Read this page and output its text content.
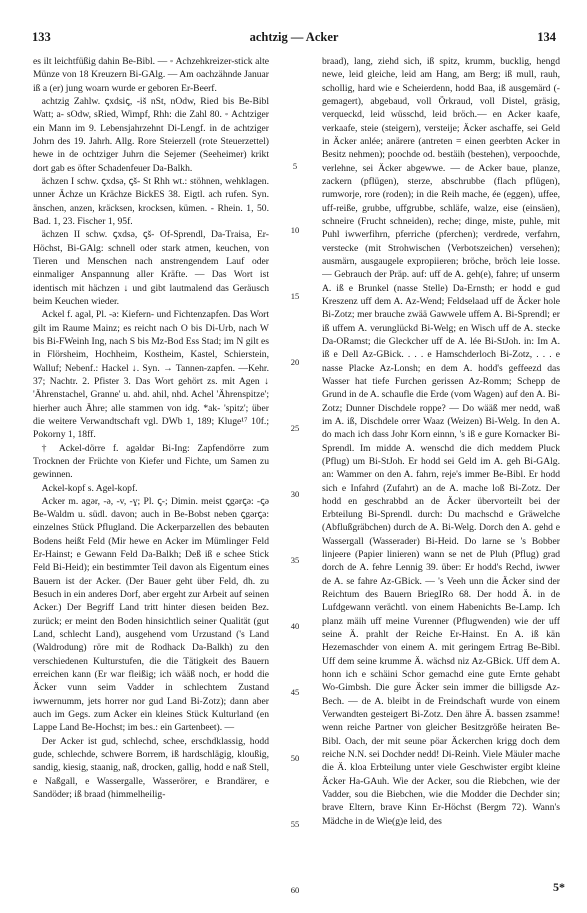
133	achtzig — Acker	134

es ilt leichtfüßig dahin Be-Bibl. — ◦ Achzehkreizer-stick alte Münze von 18 Kreuzern Bi-GAlg. — Am oachzähnde Januar iß a (er) jung woarn wurde er geboren Er-Beerf.

achtzig Zahlw. ꞔxdsiꞔ, -iš nSt, nOdw, Ried bis Be-Bibl Watt; a- sOdw, sRied, Wimpf, Rhh: die Zahl 80. ◦ Achtziger ein Mann im 9. Lebensjahrzehnt Di-Lengf. in de achtziger Johrn des 19. Jahrh. Allg. Rore Steierzell (rote Steuerzettel) hewe in de ochtziger Juhrn die Sejemer (Seeheimer) krikt dort gab es öfter Schadenfeuer Da-Balkh.

ächzen I schw. ꞔxdsə, ꞔš- St Rhh wt.: stöhnen, wehklagen. unner Ächze un Krächze BickES 38. Eigtl. ach rufen. Syn. änschen, anzen, kräcksen, krocksen, kümen. - Rhein. 1, 50. Bad. 1, 23. Fischer 1, 95f.

ächzen II schw. ꞔxdsə, ꞔš- Of-Sprendl, Da-Traisa, Er-Höchst, Bi-GAlg: schnell oder stark atmen, keuchen, von Tieren und Menschen nach anstrengendem Lauf oder einmaliger Anspannung aller Kräfte. — Das Wort ist identisch mit hächzen ↓ und gibt lautmalend das Geräusch beim Keuchen wieder.

Ackel f. agəl, Pl. -ə: Kiefern- und Fichtenzapfen. Das Wort gilt im Raume Mainz; es reicht nach O bis Di-Urb, nach W bis Bi-FWeinh Ing, nach S bis Mz-Bod Ess Stad; im N gilt es in Flörsheim, Hochheim, Kostheim, Kastel, Schierstein, Walluf; Nebenf.: Hackel ↓. Syn. → Tannen-zapfen. —Kehr. 37; Nachtr. 2. Pfister 3. Das Wort gehört zs. mit Agen ↓ 'Ährenstachel, Granne' u. ahd. ahil, nhd. Achel 'Ährenspitze'; hierher auch Ähre; alle stammen von idg. *ak- 'spitz'; über die weitere Verwandtschaft vgl. DWb 1, 189; Kluge¹⁷ 10f.; Pokorny 1, 18ff.

† Ackel-dörre f. agəldər Bi-Ing: Zapfendörre zum Trocknen der Früchte von Kiefer und Fichte, um Samen zu gewinnen.

Ackel-kopf s. Agel-kopf.

Acker m. agər, -ə, -v, -ɣ; Pl. ꞔ-; Dimin. meist ꞔgərꞔə: -ꞔə Be-Waldm u. südl. davon; auch in Be-Bobst neben ꞔgərꞔə: einzelnes Stück Pflugland. Die Ackerparzellen des bebauten Bodens heißt Feld (Mir hewe en Acker im Mümlinger Feld Er-Hainst; e Gewann Feld Da-Balkh; Deß iß e schee Stick Feld Bi-Heid); ein bestimmter Teil davon als Eigentum eines Bauern ist der Acker. (Der Bauer geht über Feld, dh. zu Besuch in ein anderes Dorf, aber ergeht zur Arbeit auf seinen Acker.) Der Begriff Land tritt hinter diesen beiden Bez. zurück; er meint den Boden hinsichtlich seiner Qualität (gut Land, schlecht Land), ausgehend vom Urzustand ('s Land (Waldrodung) röre mit de Rodhack Da-Balkh) zu den verschiedenen Kulturstufen, die die Tätigkeit des Bauern erreichen kann (Er war fleißig; ich wääß noch, er hodd die Äcker vunn seim Vadder in schlechtem Zustand iwwernumm, jets horrer nor gud Land Bi-Zotz); dann aber auch im Gegs. zum Acker ein kleines Stück Kulturland (en Lappe Land Be-Hochst; im bes.: ein Gartenbeet). —

Der Acker ist gud, schlechd, schee, erschdklassig, hodd gude, schlechde, schwere Borrem, iß hardschlägig, kloußig, sandig, kiesig, staanig, naß, drocken, gallig, hodd e naß Stell, e Naßgall, e Wassergalle, Wasserörer, e Brandärer, e Sandöder; iß braad (himmelheilig-

5
10
15
20
25
30
35
40
45
50
55
60

braad), lang, ziehd sich, iß spitz, krumm, bucklig, hengd newe, leid gleiche, leid am Hang, am Berg; iß mull, rauh, schollig, hard wie e Scheierdenn, hodd Baa, iß ausgemärd (-gemagert), abgebaud, voll Örkraud, voll Distel, gräsig, verqueckd, leid wüsschd, leid bröch.— en Acker kaafe, verkaafe, steie (steigern), versteije; Äcker aschaffe, sei Geld in Äcker anlée; anärere (antreten = einen geerbten Acker in Besitz nehmen); poochde od. bestäih (bestehen), verpoochde, verlehne, sei Äcker abgewwe. — de Acker baue, planze, zackern (pflügen), sterze, abschrubbe (flach pflügen), rumworje, rore (roden); in die Reih mache, ée (eggen), uffee, uff-reiße, grubbe, uffgrubbe, schläfe, walze, eise (einsäen), schneire (Frucht schneiden), reche; dinge, miste, puhle, mit Puhl iwwerfihrn, pferriche (pferchen); verdrede, verfahrn, verstecke (mit Strohwischen ⟨Verbotszeichen⟩ versehen); ausmärn, ausgaugele expropiieren; bröche, bröch leie losse. — Gebrauch der Präp. auf: uff de A. geh(e), fahre; uf unserm A. iß e Brunkel (nasse Stelle) Da-Ernsth; er hodd e gud Kreszenz uff dem A. Az-Wend; Feldselaad uff de Äcker hole Bi-Zotz; mer brauche zwää Gawwele uffem A. Bi-Sprendl; er iß uffem A. verunglückd Bi-Welg; en Wisch uff de A. stecke Da-ORamst; die Gleckcher uff de A. lée Bi-StJoh. in: Im A. iß e Dell Az-GBick. . . . e Hamschderloch Bi-Zotz, . . . e nasse Placke Az-Lonsh; en dem A. hodd's geffeezd das Wasser hat tiefe Furchen gerissen Az-Romm; Schepp de Grund in de A. schaufle die Erde (vom Wagen) auf den A. Bi-Zotz; Dunner Dischdele roppe? — Do wääß mer nedd, waß im A. iß, Dischdele orrer Waaz (Weizen) Bi-Welg. In den A. do mach ich dass Johr Korn einnn, 's iß e gure Kornacker Bi-Sprendl. Im midde A. wenschd die dich meddem Pluck (Pflug) um Bi-StJoh. Er hodd sei Geld im A. geh Bi-GAlg. an: Wammer on den A. fahrn, reje's immer Be-Bibl. Er hodd sich e Infahrd (Zufahrt) an de A. mache loß Bi-Zotz. Der hodd en geschrabbd an de Äcker übervorteilt bei der Erbteilung Bi-Sprendl. durch: Du machschd e Gräwelche (Abflußgräbchen) durch de A. Bi-Welg. Dorch den A. gehd e Wassergall (Wasserader) Bi-Heid. Do larne se 's Bobber linjeere (Papier linieren) wann se net de Pluh (Pflug) grad dorch de A. fehre Lennig 39. über: Er hodd's Rechd, iwwer de A. se fahre Az-GBick. — 's Veeh unn die Äcker sind der Reichtum des Bauern BriegIRo 68. Der hodd Ä. in de Lufdgewann verächtl. von einem Habenichts Be-Lamp. Ich planz mäih uff meine Vurenner (Pflugwenden) wie der uff seine Ä. prahlt der Reiche Er-Hainst. En A. iß kän Hezemaschder von einem A. mit geringem Ertrag Be-Bibl. Uff dem seine krumme Ä. wächsd niz Az-GBick. Uff dem A. honn ich e schäini Schor gemachd eine gute Ernte gehabt Wo-Gimbsh. Die gure Äcker sein immer die billigsde Az-Bech. — de A. bleibt in de Freindschaft wurde von einem Verwandten gesteigert Bi-Zotz. Den ähre Ä. bassen zsamme! wenn reiche Partner von gleicher Besitzgröße heiraten Be-Bibl. Oach, der mit seune pöar Äckerchen krigg doch dem reiche N.N. sei Dochder nedd! Di-Reinh. Viele Mäuler mache die Ä. kloa Erbteilung unter viele Geschwister ergibt kleine Äcker Ha-GAuh. Wie der Acker, sou die Riebchen, wie der Vadder, sou die Biebchen, wie die Modder die Dechder sin; brave Eltern, brave Kinn Er-Höchst (Bergm 72). Wann's Mädche in de Wie(g)e leid, des

5*
